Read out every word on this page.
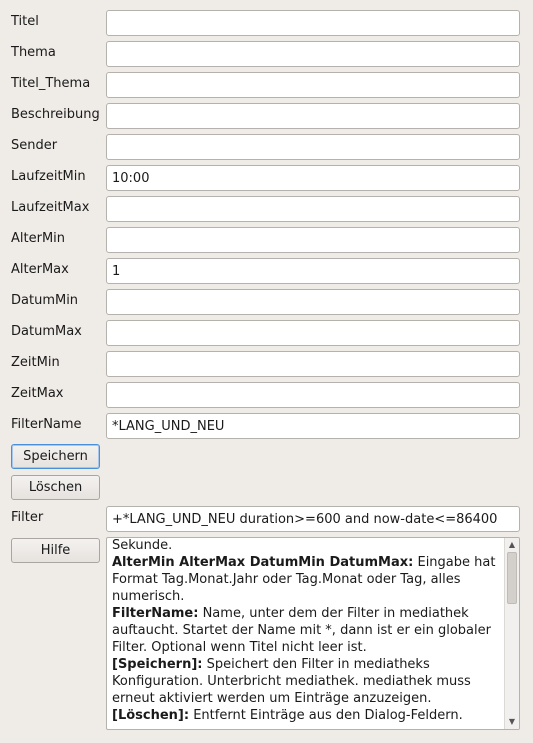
Titel
Thema
Titel_Thema
Beschreibung
Sender
LaufzeitMin
10:00
LaufzeitMax
AlterMin
AlterMax
1
DatumMin
DatumMax
ZeitMin
ZeitMax
FilterName
*LANG_UND_NEU
Speichern
Löschen
Filter
+*LANG_UND_NEU duration>=600 and now-date<=86400
Hilfe	Sekunde.

AlterMin AlterMax DatumMin DatumMax: Eingabe hat Format Tag.Monat.Jahr oder Tag.Monat oder Tag, alles numerisch.

FilterName: Name, unter dem der Filter in mediathek auftaucht. Startet der Name mit *, dann ist er ein globaler Filter. Optional wenn Titel nicht leer ist.

[Speichern]: Speichert den Filter in mediatheks Konfiguration. Unterbricht mediathek. mediathek muss erneut aktiviert werden um Einträge anzuzeigen.

[Löschen]: Entfernt Einträge aus den Dialog-Feldern.

▲
▼
